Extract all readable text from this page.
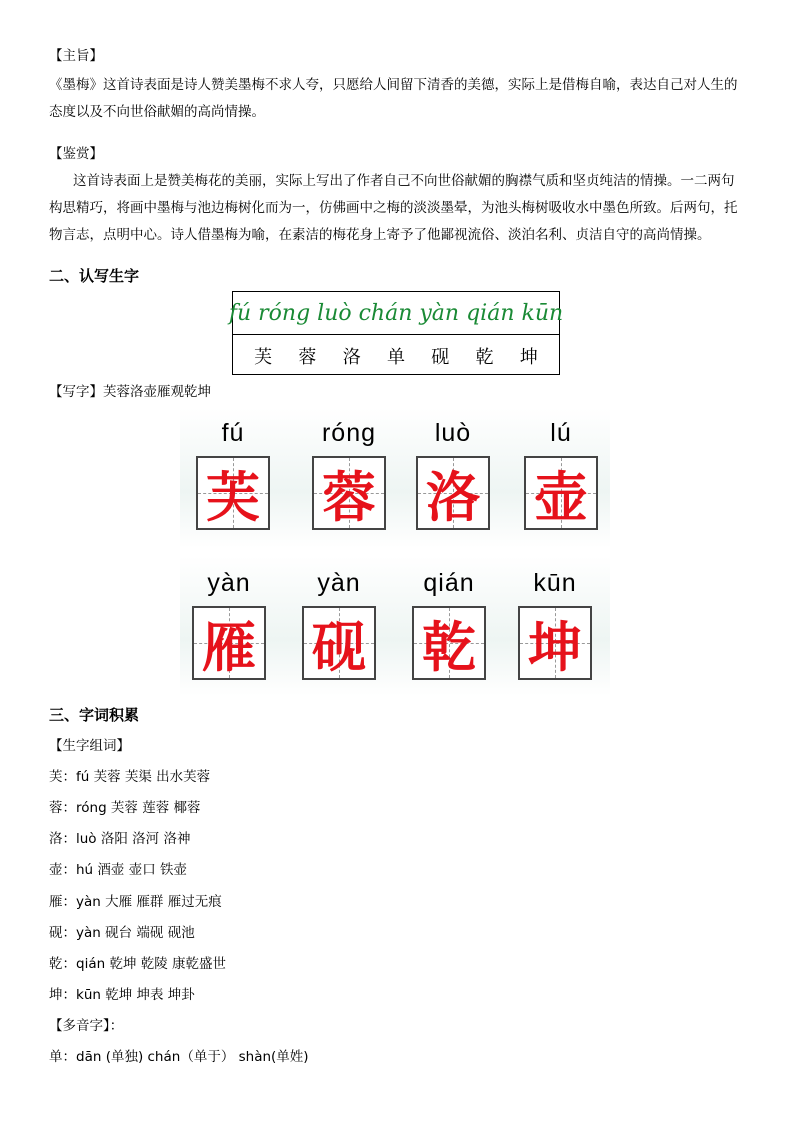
【主旨】
《墨梅》这首诗表面是诗人赞美墨梅不求人夸，只愿给人间留下清香的美德，实际上是借梅自喻，表达自己对人生的态度以及不向世俗献媚的高尚情操。
【鉴赏】
这首诗表面上是赞美梅花的美丽，实际上写出了作者自己不向世俗献媚的胸襟气质和坚贞纯洁的情操。一二两句构思精巧，将画中墨梅与池边梅树化而为一，仿佛画中之梅的淡淡墨晕，为池头梅树吸收水中墨色所致。后两句，托物言志，点明中心。诗人借墨梅为喻，在素洁的梅花身上寄予了他鄙视流俗、淡泊名利、贞洁自守的高尚情操。
二、认写生字
fú róng luò chán yàn qián kūn
芙 蓉 洛 单 砚 乾 坤
【写字】芙蓉洛壶雁观乾坤
fú
芙
róng
蓉
luò
洛
lú
壶
yàn
雁
yàn
砚
qián
乾
kūn
坤
三、字词积累
【生字组词】
芙：fú 芙蓉 芙渠 出水芙蓉
蓉：róng 芙蓉 莲蓉 椰蓉
洛：luò 洛阳 洛河 洛神
壶：hú 酒壶 壶口 铁壶
雁：yàn 大雁 雁群 雁过无痕
砚：yàn 砚台 端砚 砚池
乾：qián 乾坤 乾陵 康乾盛世
坤：kūn 乾坤 坤表 坤卦
【多音字】：
单：dān (单独) chán（单于） shàn(单姓)
